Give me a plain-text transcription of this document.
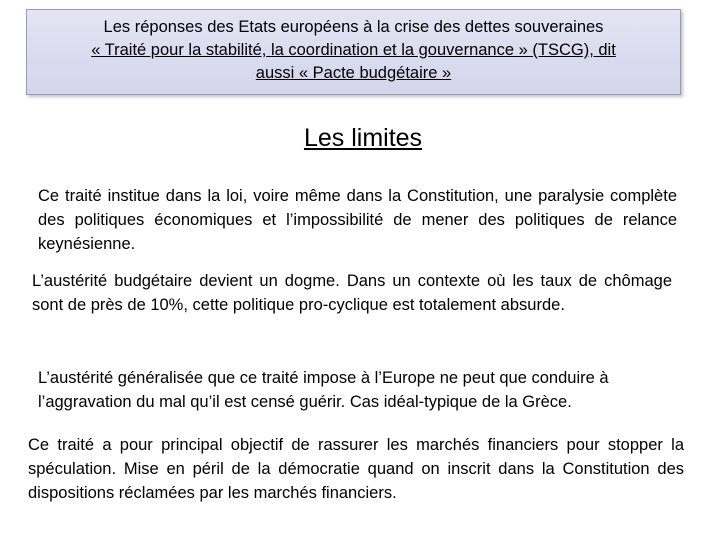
Les réponses des Etats européens à la crise des dettes souveraines
« Traité pour la stabilité, la coordination et la gouvernance » (TSCG), dit
aussi « Pacte budgétaire »
Les limites
Ce traité institue dans la loi, voire même dans la Constitution, une paralysie complète des politiques économiques et l’impossibilité de mener des politiques de relance keynésienne.
L’austérité budgétaire devient un dogme. Dans un contexte où les taux de chômage sont de près de 10%, cette politique pro-cyclique est totalement absurde.
L’austérité généralisée que ce traité impose à l’Europe ne peut que conduire à l’aggravation du mal qu’il est censé guérir. Cas idéal-typique de la Grèce.
Ce traité a pour principal objectif de rassurer les marchés financiers pour stopper la spéculation. Mise en péril de la démocratie quand on inscrit dans la Constitution des dispositions réclamées par les marchés financiers.
